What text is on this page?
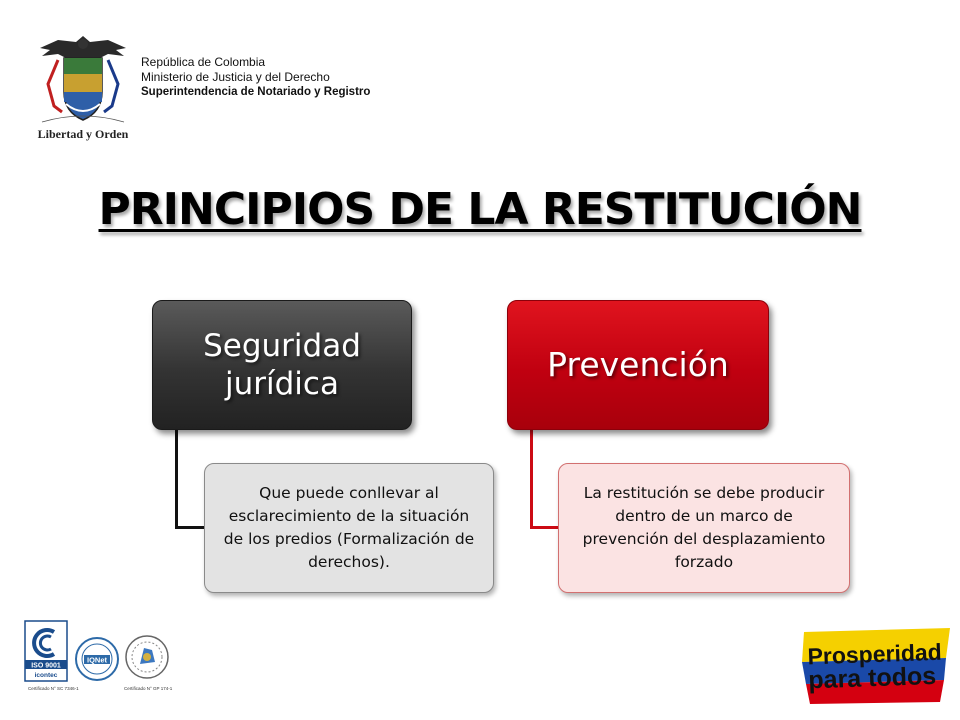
Libertad y Orden
República de Colombia
Ministerio de Justicia y del Derecho
Superintendencia de Notariado y Registro
PRINCIPIOS DE LA RESTITUCIÓN
Seguridad
jurídica
Que puede conllevar al esclarecimiento de la situación de los predios (Formalización de derechos).
Prevención
La restitución se debe producir dentro de un marco de prevención del desplazamiento forzado
ISO 9001
icontec
IQNet
Certificado N° SC 7346-1	Certificado N° GP 174-1
Prosperidad
para todos
